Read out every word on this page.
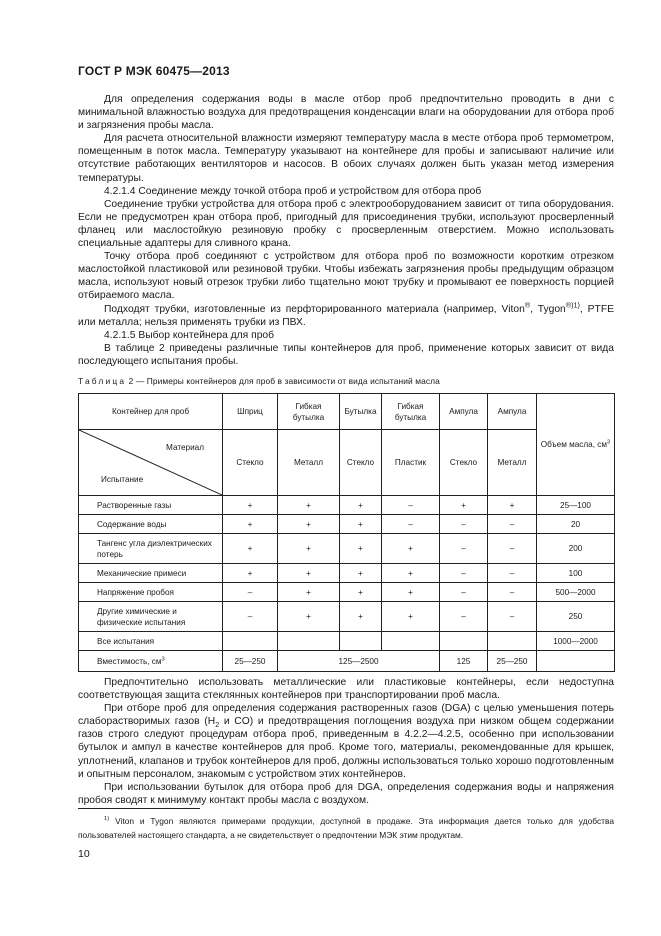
ГОСТ Р МЭК 60475—2013

Для определения содержания воды в масле отбор проб предпочтительно проводить в дни с минимальной влажностью воздуха для предотвращения конденсации влаги на оборудовании для отбора проб и загрязнения пробы масла.

Для расчета относительной влажности измеряют температуру масла в месте отбора проб термометром, помещенным в поток масла. Температуру указывают на контейнере для пробы и записывают наличие или отсутствие работающих вентиляторов и насосов. В обоих случаях должен быть указан метод измерения температуры.

4.2.1.4 Соединение между точкой отбора проб и устройством для отбора проб

Соединение трубки устройства для отбора проб с электрооборудованием зависит от типа оборудования. Если не предусмотрен кран отбора проб, пригодный для присоединения трубки, используют просверленный фланец или маслостойкую резиновую пробку с просверленным отверстием. Можно использовать специальные адаптеры для сливного крана.

Точку отбора проб соединяют с устройством для отбора проб по возможности коротким отрезком маслостойкой пластиковой или резиновой трубки. Чтобы избежать загрязнения пробы предыдущим образцом масла, используют новый отрезок трубки либо тщательно моют трубку и промывают ее поверхность порцией отбираемого масла.

Подходят трубки, изготовленные из перфторированного материала (например, Viton®, Tygon$^{®)1)}$, PTFE или металла; нельзя применять трубки из ПВХ.

4.2.1.5 Выбор контейнера для проб

В таблице 2 приведены различные типы контейнеров для проб, применение которых зависит от вида последующего испытания пробы.

Таблица 2 — Примеры контейнеров для проб в зависимости от вида испытаний масла
Контейнер для проб	Шприц	Гибкая бутылка	Бутылка	Гибкая бутылка	Ампула	Ампула	Объем масла, $см^3$

Материал
Испытание	Стекло	Металл	Стекло	Пластик	Стекло	Металл	
Растворенные газы	+	+	+	–	+	+	25—100
Содержание воды	+	+	+	–	–	–	20
Тангенс угла диэлектрических потерь	+	+	+	+	–	–	200
Механические примеси	+	+	+	+	–	–	100
Напряжение пробоя	–	+	+	+	–	–	500—2000
Другие химические и физические испытания	–	+	+	+	–	–	250
Все испытания							1000—2000
Вместимость, $см^3$	25—250	125—2500			125	25—250	

Предпочтительно использовать металлические или пластиковые контейнеры, если недоступна соответствующая защита стеклянных контейнеров при транспортировании проб масла.

При отборе проб для определения содержания растворенных газов (DGA) с целью уменьшения потерь слаборастворимых газов ($H_2$ и CO) и предотвращения поглощения воздуха при низком общем содержании газов строго следуют процедурам отбора проб, приведенным в 4.2.2—4.2.5, особенно при использовании бутылок и ампул в качестве контейнеров для проб. Кроме того, материалы, рекомендованные для крышек, уплотнений, клапанов и трубок контейнеров для проб, должны использоваться только хорошо подготовленным и опытным персоналом, знакомым с устройством этих контейнеров.

При использовании бутылок для отбора проб для DGA, определения содержания воды и напряжения пробоя сводят к минимуму контакт пробы масла с воздухом.

$^{1)}$ Viton и Tygon являются примерами продукции, доступной в продаже. Эта информация дается только для удобства пользователей настоящего стандарта, а не свидетельствует о предпочтении МЭК этим продуктам.

10
